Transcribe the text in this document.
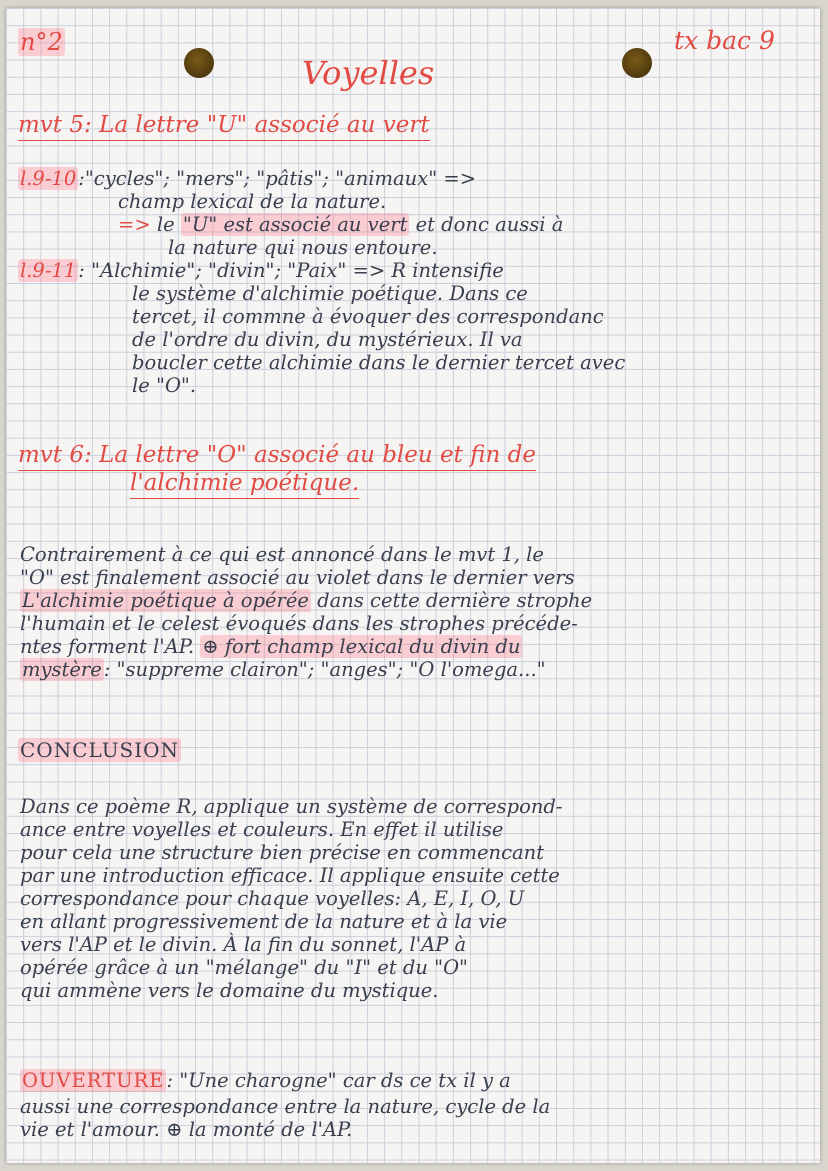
n°2	tx bac 9
Voyelles
mvt 5: La lettre "U" associé au vert
l.9-10 :"cycles"; "mers"; "pâtis"; "animaux" =>
champ lexical de la nature.
=> le "U" est associé au vert et donc aussi à
la nature qui nous entoure.
l.9-11 : "Alchimie"; "divin"; "Paix" => R intensifie
le système d'alchimie poétique. Dans ce
tercet, il commne à évoquer des correspondanc
de l'ordre du divin, du mystérieux. Il va
boucler cette alchimie dans le dernier tercet avec
le "O".
mvt 6: La lettre "O" associé au bleu et fin de
l'alchimie poétique.
Contrairement à ce qui est annoncé dans le mvt 1, le
"O" est finalement associé au violet dans le dernier vers
L'alchimie poétique à opérée dans cette dernière strophe
l'humain et le celest évoqués dans les strophes précéde-
ntes forment l'AP. ⊕ fort champ lexical du divin du
mystère : "suppreme clairon"; "anges"; "O l'omega..."
CONCLUSION
Dans ce poème R, applique un système de correspond-
ance entre voyelles et couleurs. En effet il utilise
pour cela une structure bien précise en commencant
par une introduction efficace. Il applique ensuite cette
correspondance pour chaque voyelles: A, E, I, O, U
en allant progressivement de la nature et à la vie
vers l'AP et le divin. À la fin du sonnet, l'AP à
opérée grâce à un "mélange" du "I" et du "O"
qui ammène vers le domaine du mystique.
OUVERTURE : "Une charogne" car ds ce tx il y a
aussi une correspondance entre la nature, cycle de la
vie et l'amour. ⊕ la monté de l'AP.
